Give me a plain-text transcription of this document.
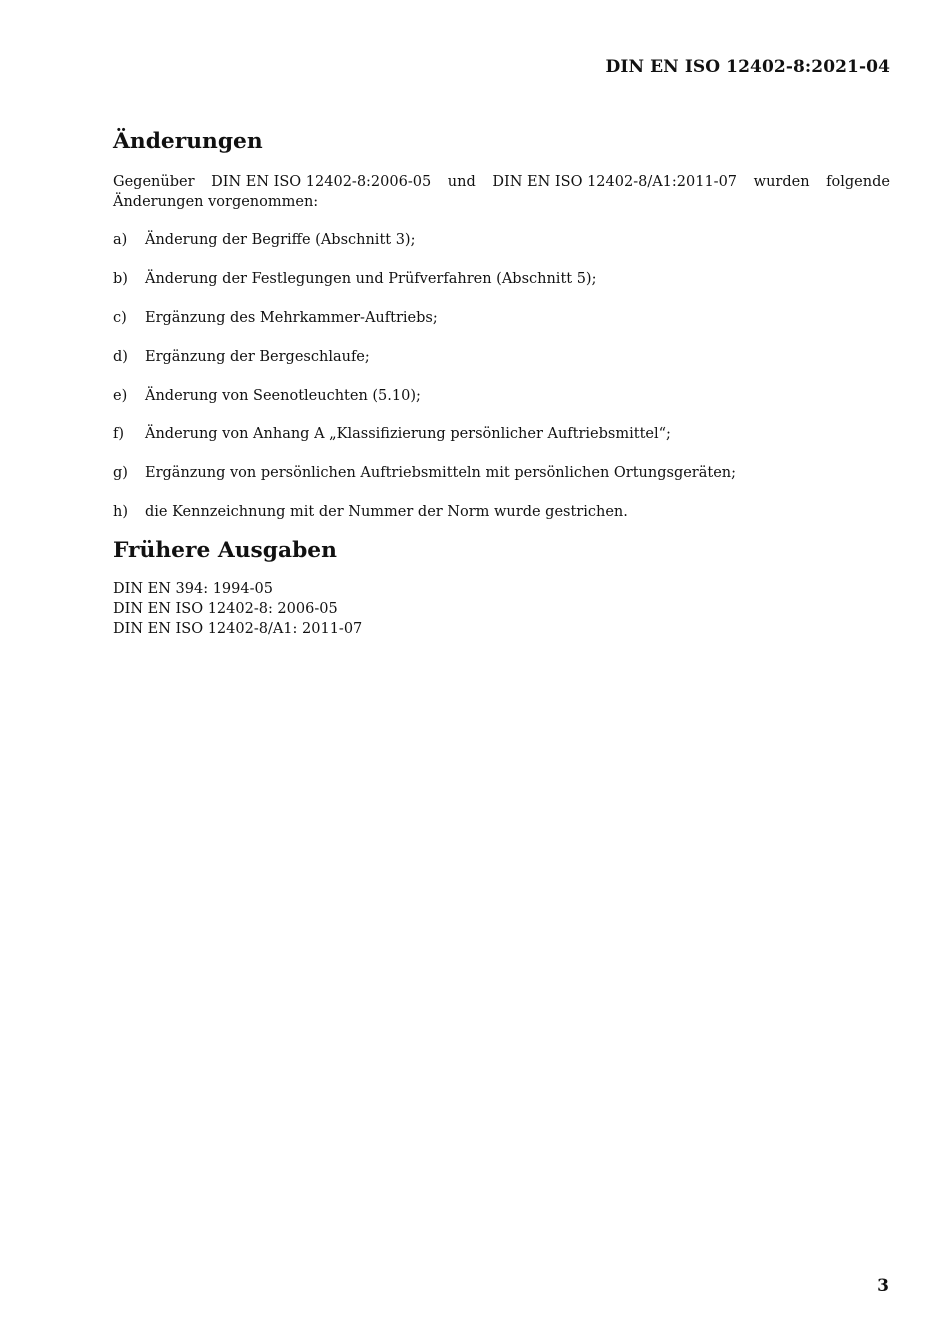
DIN EN ISO 12402-8:2021-04
Änderungen
Gegenüber DIN EN ISO 12402-8:2006-05 und DIN EN ISO 12402-8/A1:2011-07 wurden folgende
Änderungen vorgenommen:
a)	Änderung der Begriffe (Abschnitt 3);
b)	Änderung der Festlegungen und Prüfverfahren (Abschnitt 5);
c)	Ergänzung des Mehrkammer-Auftriebs;
d)	Ergänzung der Bergeschlaufe;
e)	Änderung von Seenotleuchten (5.10);
f)	Änderung von Anhang A „Klassifizierung persönlicher Auftriebsmittel“;
g)	Ergänzung von persönlichen Auftriebsmitteln mit persönlichen Ortungsgeräten;
h)	die Kennzeichnung mit der Nummer der Norm wurde gestrichen.
Frühere Ausgaben
DIN EN 394: 1994-05
DIN EN ISO 12402-8: 2006-05
DIN EN ISO 12402-8/A1: 2011-07
3
